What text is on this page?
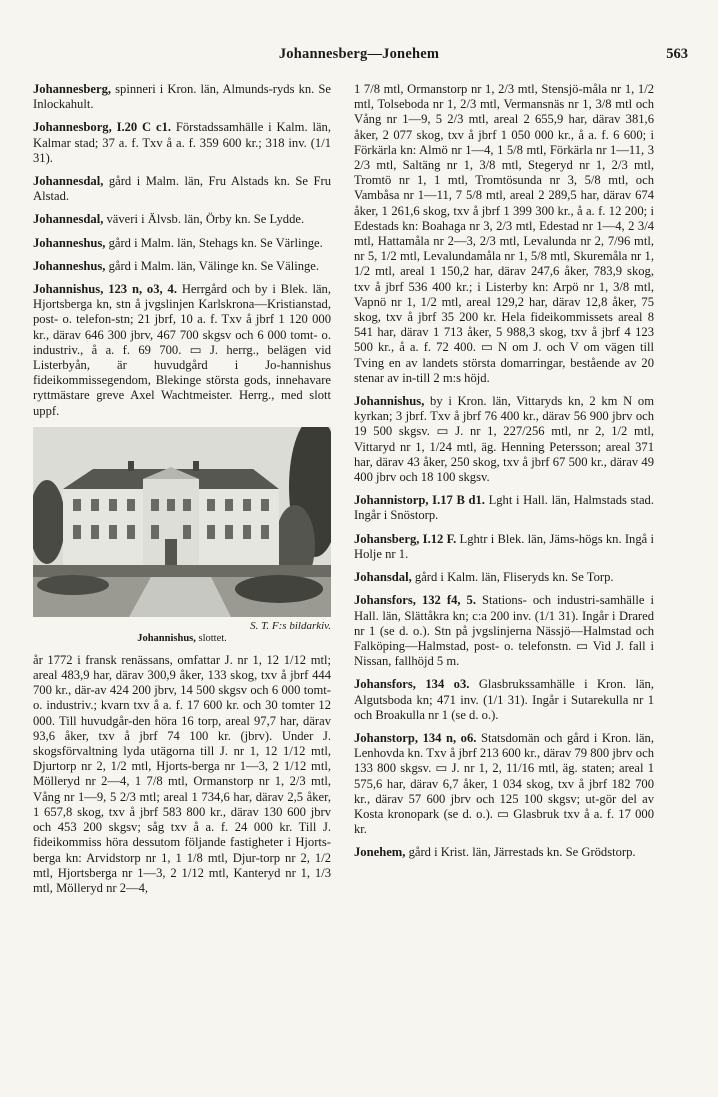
Johannesberg—Jonehem	563
Johannesberg, spinneri i Kron. län, Almunds-ryds kn. Se Inlockahult.
Johannesborg, I.20 C c1. Förstadssamhälle i Kalm. län, Kalmar stad; 37 a. f. Txv å a. f. 359 600 kr.; 318 inv. (1/1 31).
Johannesdal, gård i Malm. län, Fru Alstads kn. Se Fru Alstad.
Johannesdal, väveri i Älvsb. län, Örby kn. Se Lydde.
Johanneshus, gård i Malm. län, Stehags kn. Se Värlinge.
Johanneshus, gård i Malm. län, Välinge kn. Se Välinge.
Johannishus, 123 n, o3, 4. Herrgård och by i Blek. län, Hjortsberga kn, stn å jvgslinjen Karlskrona—Kristianstad, post- o. telefon-stn; 21 jbrf, 10 a. f. Txv å jbrf 1 120 000 kr., därav 646 300 jbrv, 467 700 skgsv och 6 000 tomt- o. industriv., å a. f. 69 700. ▭ J. herrg., belägen vid Listerbyån, är huvudgård i Jo-hannishus fideikommissegendom, Blekinge största gods, innehavare ryttmästare greve Axel Wachtmeister. Herrg., med slott uppf.
S. T. F:s bildarkiv.
Johannishus, slottet.
år 1772 i fransk renässans, omfattar J. nr 1, 12 1/12 mtl; areal 483,9 har, därav 300,9 åker, 133 skog, txv å jbrf 444 700 kr., där-av 424 200 jbrv, 14 500 skgsv och 6 000 tomt- o. industriv.; kvarn txv å a. f. 17 600 kr. och 30 tomter 12 000. Till huvudgår-den höra 16 torp, areal 97,7 har, därav 93,6 åker, txv å jbrf 74 100 kr. (jbrv). Under J. skogsförvaltning lyda utägorna till J. nr 1, 12 1/12 mtl, Djurtorp nr 2, 1/2 mtl, Hjorts-berga nr 1—3, 2 1/12 mtl, Mölleryd nr 2—4, 1 7/8 mtl, Ormanstorp nr 1, 2/3 mtl, Vång nr 1—9, 5 2/3 mtl; areal 1 734,6 har, därav 2,5 åker, 1 657,8 skog, txv å jbrf 583 800 kr., därav 130 600 jbrv och 453 200 skgsv; såg txv å a. f. 24 000 kr. Till J. fideikommiss höra dessutom följande fastigheter i Hjorts-berga kn: Arvidstorp nr 1, 1 1/8 mtl, Djur-torp nr 2, 1/2 mtl, Hjortsberga nr 1—3, 2 1/12 mtl, Kanteryd nr 1, 1/3 mtl, Mölleryd nr 2—4,
1 7/8 mtl, Ormanstorp nr 1, 2/3 mtl, Stensjö-måla nr 1, 1/2 mtl, Tolseboda nr 1, 2/3 mtl, Vermansnäs nr 1, 3/8 mtl och Vång nr 1—9, 5 2/3 mtl, areal 2 655,9 har, därav 381,6 åker, 2 077 skog, txv å jbrf 1 050 000 kr., å a. f. 6 600; i Förkärla kn: Almö nr 1—4, 1 5/8 mtl, Förkärla nr 1—11, 3 2/3 mtl, Saltäng nr 1, 3/8 mtl, Stegeryd nr 1, 2/3 mtl, Tromtö nr 1, 1 mtl, Tromtösunda nr 3, 5/8 mtl, och Vambåsa nr 1—11, 7 5/8 mtl, areal 2 289,5 har, därav 674 åker, 1 261,6 skog, txv å jbrf 1 399 300 kr., å a. f. 12 200; i Edestads kn: Boahaga nr 3, 2/3 mtl, Edestad nr 1—4, 2 3/4 mtl, Hattamåla nr 2—3, 2/3 mtl, Levalunda nr 2, 7/96 mtl, nr 5, 1/2 mtl, Levalundamåla nr 1, 5/8 mtl, Skuremåla nr 1, 1/2 mtl, areal 1 150,2 har, därav 247,6 åker, 783,9 skog, txv å jbrf 536 400 kr.; i Listerby kn: Arpö nr 1, 3/8 mtl, Vapnö nr 1, 1/2 mtl, areal 129,2 har, därav 12,8 åker, 75 skog, txv å jbrf 35 200 kr. Hela fideikommissets areal 8 541 har, därav 1 713 åker, 5 988,3 skog, txv å jbrf 4 123 500 kr., å a. f. 72 400. ▭ N om J. och V om vägen till Tving en av landets största domarringar, bestående av 20 stenar av in-till 2 m:s höjd.
Johannishus, by i Kron. län, Vittaryds kn, 2 km N om kyrkan; 3 jbrf. Txv å jbrf 76 400 kr., därav 56 900 jbrv och 19 500 skgsv. ▭ J. nr 1, 227/256 mtl, nr 2, 1/2 mtl, Vittaryd nr 1, 1/24 mtl, äg. Henning Petersson; areal 371 har, därav 43 åker, 250 skog, txv å jbrf 67 500 kr., därav 49 400 jbrv och 18 100 skgsv.
Johannistorp, I.17 B d1. Lght i Hall. län, Halmstads stad. Ingår i Snöstorp.
Johansberg, I.12 F. Lghtr i Blek. län, Jäms-högs kn. Ingå i Holje nr 1.
Johansdal, gård i Kalm. län, Fliseryds kn. Se Torp.
Johansfors, 132 f4, 5. Stations- och industri-samhälle i Hall. län, Slättåkra kn; c:a 200 inv. (1/1 31). Ingår i Drared nr 1 (se d. o.). Stn på jvgslinjerna Nässjö—Halmstad och Falköping—Halmstad, post- o. telefonstn. ▭ Vid J. fall i Nissan, fallhöjd 5 m.
Johansfors, 134 o3. Glasbrukssamhälle i Kron. län, Algutsboda kn; 471 inv. (1/1 31). Ingår i Sutarekulla nr 1 och Broakulla nr 1 (se d. o.).
Johanstorp, 134 n, o6. Statsdomän och gård i Kron. län, Lenhovda kn. Txv å jbrf 213 600 kr., därav 79 800 jbrv och 133 800 skgsv. ▭ J. nr 1, 2, 11/16 mtl, äg. staten; areal 1 575,6 har, därav 6,7 åker, 1 034 skog, txv å jbrf 182 700 kr., därav 57 600 jbrv och 125 100 skgsv; ut-gör del av Kosta kronopark (se d. o.). ▭ Glasbruk txv å a. f. 17 000 kr.
Jonehem, gård i Krist. län, Järrestads kn. Se Grödstorp.
